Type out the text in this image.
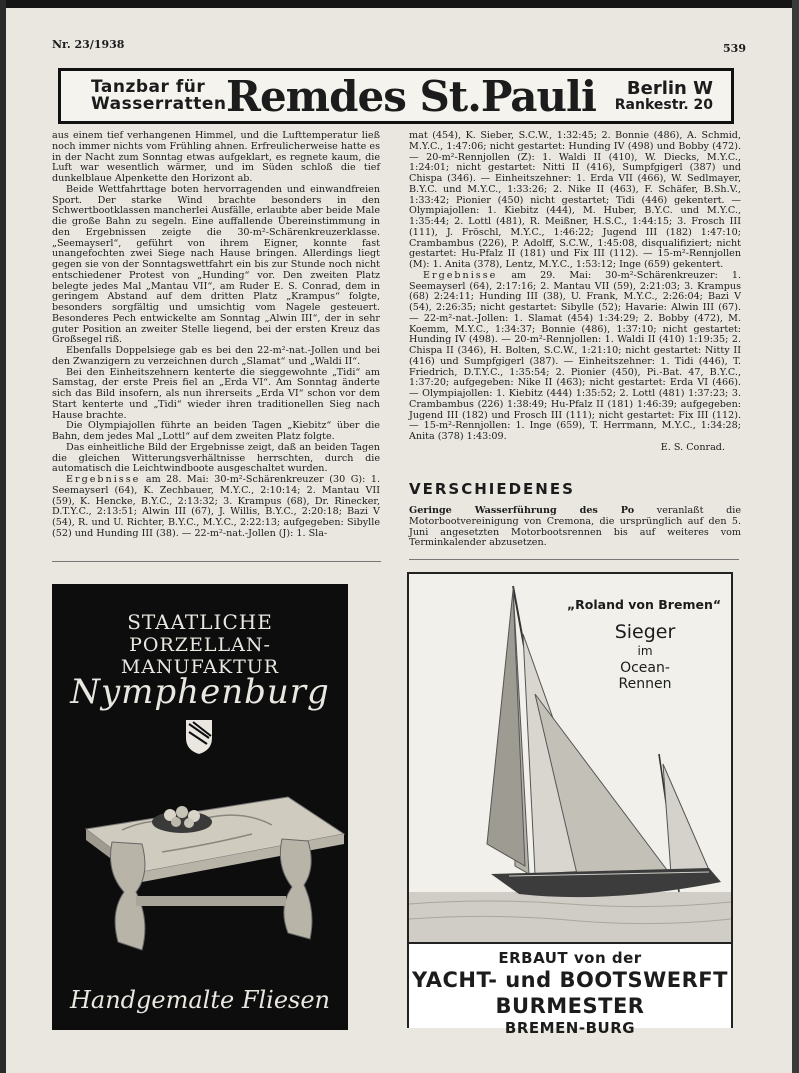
Nr. 23/1938	539
Tanzbar für
Wasserratten Remdes St.Pauli	Berlin W
Rankestr. 20

aus einem tief verhangenen Himmel, und die Lufttemperatur ließ noch immer nichts vom Frühling ahnen. Erfreulicherweise hatte es in der Nacht zum Sonntag etwas aufgeklart, es regnete kaum, die Luft war wesentlich wärmer, und im Süden schloß die tief dunkelblaue Alpenkette den Horizont ab.

Beide Wettfahrttage boten hervorragenden und einwandfreien Sport. Der starke Wind brachte besonders in den Schwertbootklassen mancherlei Ausfälle, erlaubte aber beide Male die große Bahn zu segeln. Eine auffallende Übereinstimmung in den Ergebnissen zeigte die 30-m²-Schärenkreuzerklasse. „Seemayserl“, geführt von ihrem Eigner, konnte fast unangefochten zwei Siege nach Hause bringen. Allerdings liegt gegen sie von der Sonntagswettfahrt ein bis zur Stunde noch nicht entschiedener Protest von „Hunding“ vor. Den zweiten Platz belegte jedes Mal „Mantau VII“, am Ruder E. S. Conrad, dem in geringem Abstand auf dem dritten Platz „Krampus“ folgte, besonders sorgfältig und umsichtig vom Nagele gesteuert. Besonderes Pech entwickelte am Sonntag „Alwin III“, der in sehr guter Position an zweiter Stelle liegend, bei der ersten Kreuz das Großsegel riß.

Ebenfalls Doppelsiege gab es bei den 22-m²-nat.-Jollen und bei den Zwanzigern zu verzeichnen durch „Slamat“ und „Waldi II“.

Bei den Einheitszehnern kenterte die sieggewohnte „Tidi“ am Samstag, der erste Preis fiel an „Erda VI“. Am Sonntag änderte sich das Bild insofern, als nun ihrerseits „Erda VI“ schon vor dem Start kenterte und „Tidi“ wieder ihren traditionellen Sieg nach Hause brachte.

Die Olympiajollen führte an beiden Tagen „Kiebitz“ über die Bahn, dem jedes Mal „Lottl“ auf dem zweiten Platz folgte.

Das einheitliche Bild der Ergebnisse zeigt, daß an beiden Tagen die gleichen Witterungsverhältnisse herrschten, durch die automatisch die Leichtwindboote ausgeschaltet wurden.

Ergebnisse am 28. Mai: 30-m²-Schärenkreuzer (30 G): 1. Seemayserl (64), K. Zechbauer, M.Y.C., 2:10:14; 2. Mantau VII (59), K. Hencke, B.Y.C., 2:13:32; 3. Krampus (68), Dr. Rinecker, D.T.Y.C., 2:13:51; Alwin III (67), J. Willis, B.Y.C., 2:20:18; Bazi V (54), R. und U. Richter, B.Y.C., M.Y.C., 2:22:13; aufgegeben: Sibylle (52) und Hunding III (38). — 22-m²-nat.-Jollen (J): 1. Sla-

mat (454), K. Sieber, S.C.W., 1:32:45; 2. Bonnie (486), A. Schmid, M.Y.C., 1:47:06; nicht gestartet: Hunding IV (498) und Bobby (472). — 20-m²-Rennjollen (Z): 1. Waldi II (410), W. Diecks, M.Y.C., 1:24:01; nicht gestartet: Nitti II (416), Sumpfgigerl (387) und Chispa (346). — Einheitszehner: 1. Erda VII (466), W. Sedlmayer, B.Y.C. und M.Y.C., 1:33:26; 2. Nike II (463), F. Schäfer, B.Sh.V., 1:33:42; Pionier (450) nicht gestartet; Tidi (446) gekentert. — Olympiajollen: 1. Kiebitz (444), M. Huber, B.Y.C. und M.Y.C., 1:35:44; 2. Lottl (481), R. Meißner, H.S.C., 1:44:15; 3. Frosch III (111), J. Fröschl, M.Y.C., 1:46:22; Jugend III (182) 1:47:10; Crambambus (226), P. Adolff, S.C.W., 1:45:08, disqualifiziert; nicht gestartet: Hu-Pfalz II (181) und Fix III (112). — 15-m²-Rennjollen (M): 1. Anita (378), Lentz, M.Y.C., 1:53:12; Inge (659) gekentert.

Ergebnisse am 29. Mai: 30-m²-Schärenkreuzer: 1. Seemayserl (64), 2:17:16; 2. Mantau VII (59), 2:21:03; 3. Krampus (68) 2:24:11; Hunding III (38), U. Frank, M.Y.C., 2:26:04; Bazi V (54), 2:26:35; nicht gestartet: Sibylle (52); Havarie: Alwin III (67). — 22-m²-nat.-Jollen: 1. Slamat (454) 1:34:29; 2. Bobby (472), M. Koemm, M.Y.C., 1:34:37; Bonnie (486), 1:37:10; nicht gestartet: Hunding IV (498). — 20-m²-Rennjollen: 1. Waldi II (410) 1:19:35; 2. Chispa II (346), H. Bolten, S.C.W., 1:21:10; nicht gestartet: Nitty II (416) und Sumpfgigerl (387). — Einheitszehner: 1. Tidi (446), T. Friedrich, D.T.Y.C., 1:35:54; 2. Pionier (450), Pi.-Bat. 47, B.Y.C., 1:37:20; aufgegeben: Nike II (463); nicht gestartet: Erda VI (466). — Olympiajollen: 1. Kiebitz (444) 1:35:52; 2. Lottl (481) 1:37:23; 3. Crambambus (226) 1:38:49; Hu-Pfalz II (181) 1:46:39; aufgegeben: Jugend III (182) und Frosch III (111); nicht gestartet: Fix III (112). — 15-m²-Rennjollen: 1. Inge (659), T. Herrmann, M.Y.C., 1:34:28; Anita (378) 1:43:09.
E. S. Conrad.

VERSCHIEDENES
Geringe Wasserführung des Po veranlaßt die Motorbootvereinigung von Cremona, die ursprünglich auf den 5. Juni angesetzten Motorbootsrennen bis auf weiteres vom Terminkalender abzusetzen.
STAATLICHE
PORZELLAN-MANUFAKTUR
Nymphenburg
Handgemalte Fliesen
„Roland von Bremen“
Sieger
im
Ocean-Rennen
ERBAUT von der
YACHT- und BOOTSWERFT BURMESTER
BREMEN-BURG
